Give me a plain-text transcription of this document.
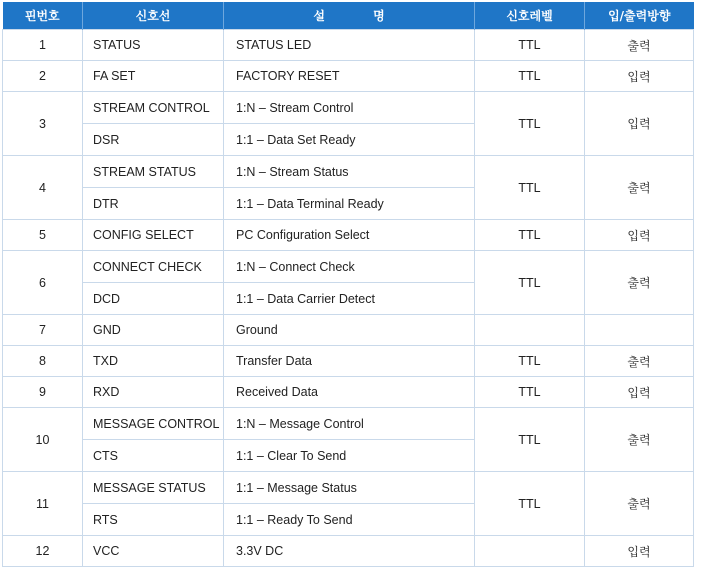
핀번호	신호선	설 명	신호레벨	입/출력방향
1	STATUS	STATUS LED	TTL	출력
2	FA SET	FACTORY RESET	TTL	입력
3	STREAM CONTROL	1:N – Stream Control	TTL	입력
	DSR	1:1 – Data Set Ready		
4	STREAM STATUS	1:N – Stream Status	TTL	출력
	DTR	1:1 – Data Terminal Ready		
5	CONFIG SELECT	PC Configuration Select	TTL	입력
6	CONNECT CHECK	1:N – Connect Check	TTL	출력
	DCD	1:1 – Data Carrier Detect		
7	GND	Ground		
8	TXD	Transfer Data	TTL	출력
9	RXD	Received Data	TTL	입력
10	MESSAGE CONTROL	1:N – Message Control	TTL	출력
	CTS	1:1 – Clear To Send		
11	MESSAGE STATUS	1:1 – Message Status	TTL	출력
	RTS	1:1 – Ready To Send		
12	VCC	3.3V DC		입력
